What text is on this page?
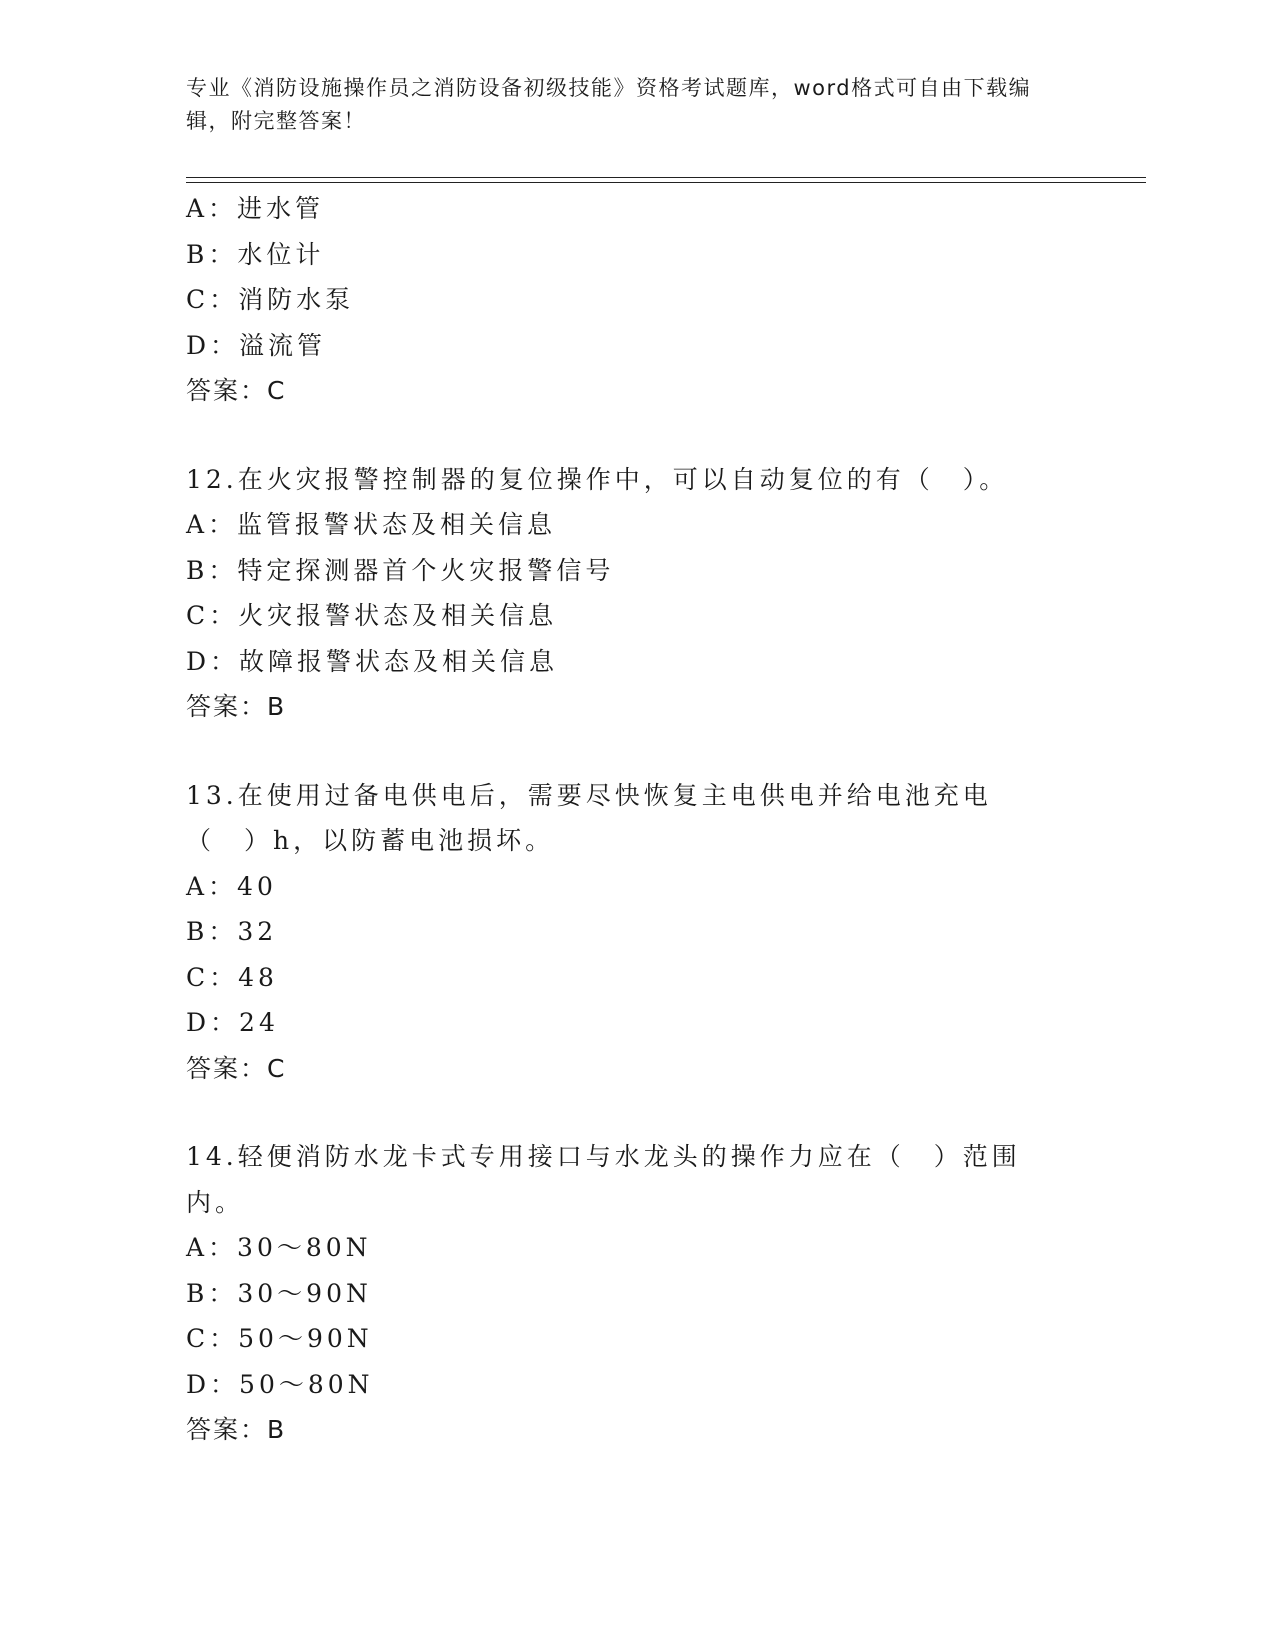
专业《消防设施操作员之消防设备初级技能》资格考试题库，word格式可自由下载编辑，附完整答案！
A：进水管
B：水位计
C：消防水泵
D：溢流管
答案：C
12.在火灾报警控制器的复位操作中，可以自动复位的有（　）。
A：监管报警状态及相关信息
B：特定探测器首个火灾报警信号
C：火灾报警状态及相关信息
D：故障报警状态及相关信息
答案：B
13.在使用过备电供电后，需要尽快恢复主电供电并给电池充电（　）h，以防蓄电池损坏。
A：40
B：32
C：48
D：24
答案：C
14.轻便消防水龙卡式专用接口与水龙头的操作力应在（　）范围内。
A：30～80N
B：30～90N
C：50～90N
D：50～80N
答案：B
